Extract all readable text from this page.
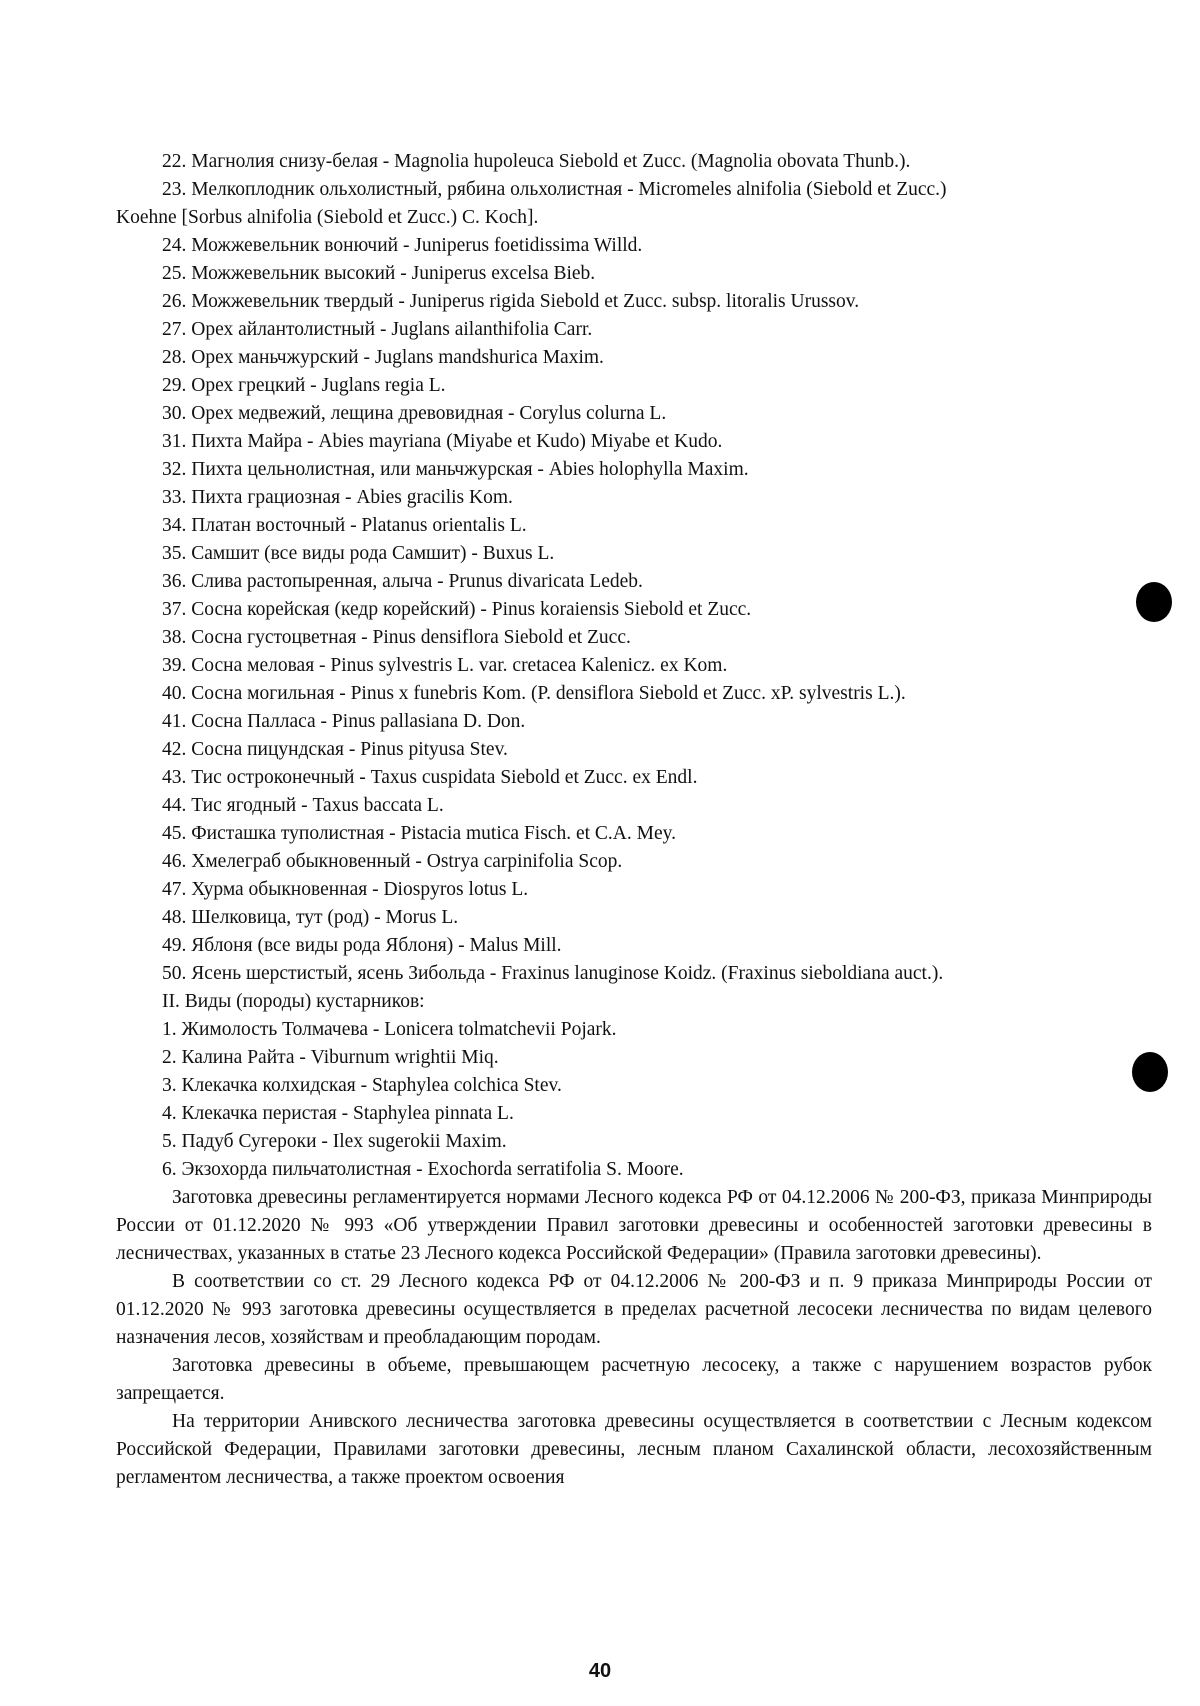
22. Магнолия снизу-белая - Magnolia hupoleuca Siebold et Zucc. (Magnolia obovata Thunb.).
23. Мелкоплодник ольхолистный, рябина ольхолистная - Micromeles alnifolia (Siebold et Zucc.)
Koehne [Sorbus alnifolia (Siebold et Zucc.) C. Koch].
24. Можжевельник вонючий - Juniperus foetidissima Willd.
25. Можжевельник высокий - Juniperus excelsa Bieb.
26. Можжевельник твердый - Juniperus rigida Siebold et Zucc. subsp. litoralis Urussov.
27. Орех айлантолистный - Juglans ailanthifolia Carr.
28. Орех маньчжурский - Juglans mandshurica Maxim.
29. Орех грецкий - Juglans regia L.
30. Орех медвежий, лещина древовидная - Corylus colurna L.
31. Пихта Майра - Abies mayriana (Miyabe et Kudo) Miyabe et Kudo.
32. Пихта цельнолистная, или маньчжурская - Abies holophylla Maxim.
33. Пихта грациозная - Abies gracilis Kom.
34. Платан восточный - Platanus orientalis L.
35. Самшит (все виды рода Самшит) - Buxus L.
36. Слива растопыренная, алыча - Prunus divaricata Ledeb.
37. Сосна корейская (кедр корейский) - Pinus koraiensis Siebold et Zucc.
38. Сосна густоцветная - Pinus densiflora Siebold et Zucc.
39. Сосна меловая - Pinus sylvestris L. var. cretacea Kalenicz. ex Kom.
40. Сосна могильная - Pinus x funebris Kom. (P. densiflora Siebold et Zucc. xP. sylvestris L.).
41. Сосна Палласа - Pinus pallasiana D. Don.
42. Сосна пицундская - Pinus pityusa Stev.
43. Тис остроконечный - Taxus cuspidata Siebold et Zucc. ex Endl.
44. Тис ягодный - Taxus baccata L.
45. Фисташка туполистная - Pistacia mutica Fisch. et C.A. Mey.
46. Хмелеграб обыкновенный - Ostrya carpinifolia Scop.
47. Хурма обыкновенная - Diospyros lotus L.
48. Шелковица, тут (род) - Morus L.
49. Яблоня (все виды рода Яблоня) - Malus Mill.
50. Ясень шерстистый, ясень Зибольда - Fraxinus lanuginose Koidz. (Fraxinus sieboldiana auct.).
II. Виды (породы) кустарников:
1. Жимолость Толмачева - Lonicera tolmatchevii Pojark.
2. Калина Райта - Viburnum wrightii Miq.
3. Клекачка колхидская - Staphylea colchica Stev.
4. Клекачка перистая - Staphylea pinnata L.
5. Падуб Сугероки - Ilex sugerokii Maxim.
6. Экзохорда пильчатолистная - Exochorda serratifolia S. Moore.

Заготовка древесины регламентируется нормами Лесного кодекса РФ от 04.12.2006 № 200-ФЗ, приказа Минприроды России от 01.12.2020 № 993 «Об утверждении Правил заготовки древесины и особенностей заготовки древесины в лесничествах, указанных в статье 23 Лесного кодекса Российской Федерации» (Правила заготовки древесины).

В соответствии со ст. 29 Лесного кодекса РФ от 04.12.2006 № 200-ФЗ и п. 9 приказа Минприроды России от 01.12.2020 № 993 заготовка древесины осуществляется в пределах расчетной лесосеки лесничества по видам целевого назначения лесов, хозяйствам и преобладающим породам.

Заготовка древесины в объеме, превышающем расчетную лесосеку, а также с нарушением возрастов рубок запрещается.

На территории Анивского лесничества заготовка древесины осуществляется в соответствии с Лесным кодексом Российской Федерации, Правилами заготовки древесины, лесным планом Сахалинской области, лесохозяйственным регламентом лесничества, а также проектом освоения

40
